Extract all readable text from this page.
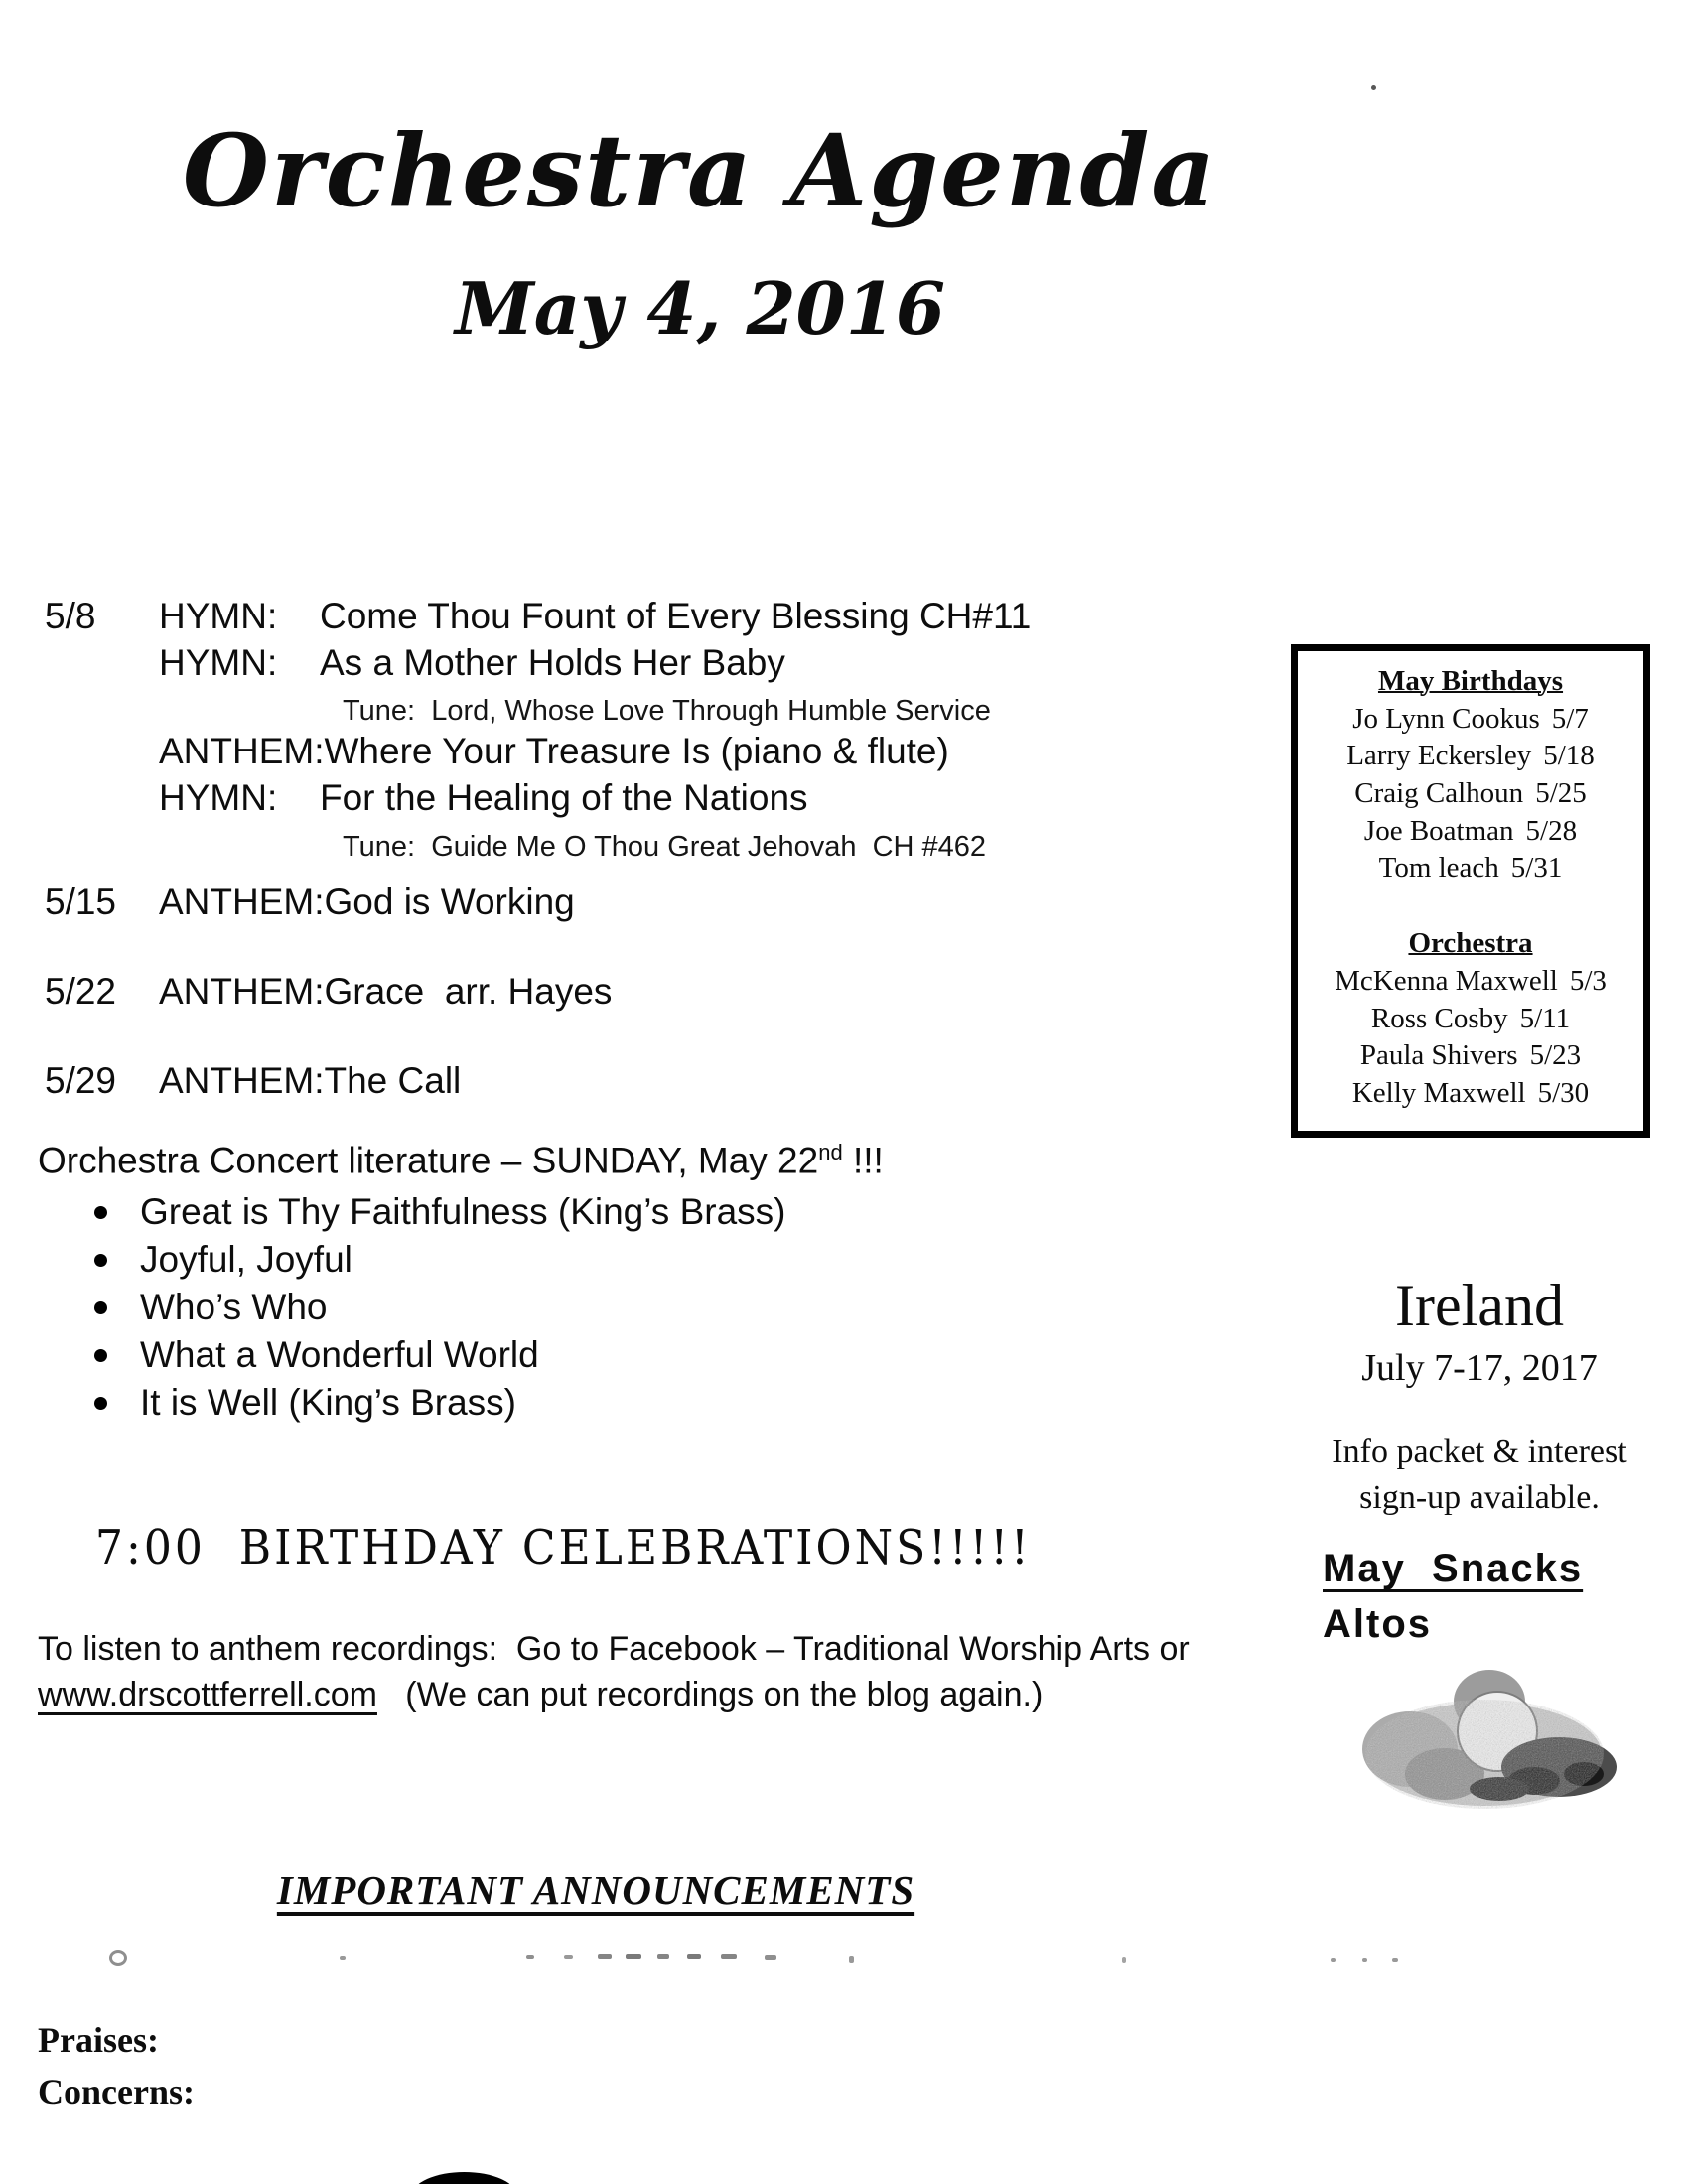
Orchestra Agenda
May 4, 2016
5/8	HYMN:	Come Thou Fount of Every Blessing CH#11
HYMN:	As a Mother Holds Her Baby
Tune:  Lord, Whose Love Through Humble Service
ANTHEM: Where Your Treasure Is (piano & flute)
HYMN:	For the Healing of the Nations
Tune:  Guide Me O Thou Great Jehovah  CH #462
5/15	ANTHEM: God is Working
5/22	ANTHEM: Grace  arr. Hayes
5/29	ANTHEM: The Call
Orchestra Concert literature – SUNDAY, May 22nd !!!
Great is Thy Faithfulness (King’s Brass)
Joyful, Joyful
Who’s Who
What a Wonderful World
It is Well (King’s Brass)
7:00  BIRTHDAY CELEBRATIONS!!!!!
To listen to anthem recordings:  Go to Facebook – Traditional Worship Arts or
www.drscottferrell.com   (We can put recordings on the blog again.)
May Birthdays
Jo Lynn Cookus 5/7
Larry Eckersley 5/18
Craig Calhoun 5/25
Joe Boatman 5/28
Tom leach 5/31
Orchestra
McKenna Maxwell 5/3
Ross Cosby 5/11
Paula Shivers 5/23
Kelly Maxwell 5/30
Ireland
July 7-17, 2017
Info packet & interest
sign-up available.
May  Snacks
Altos
IMPORTANT ANNOUNCEMENTS
Praises:
Concerns:
